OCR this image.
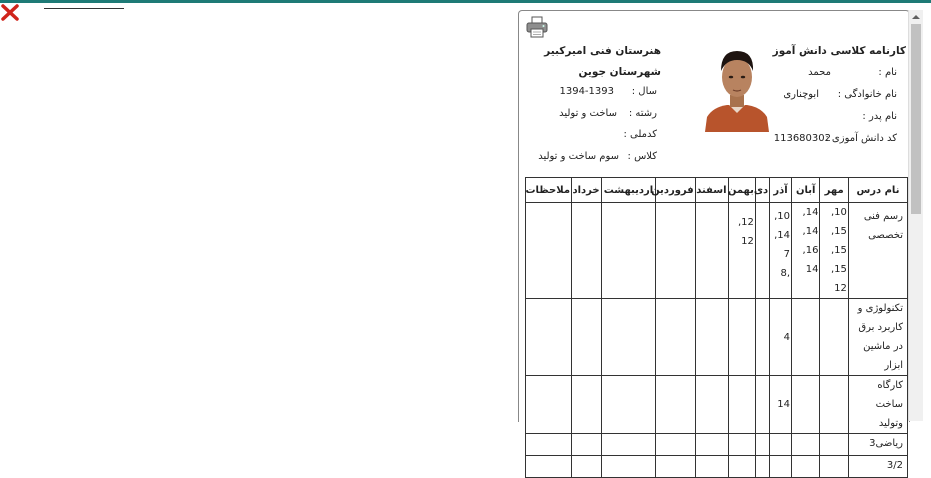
کارنامه کلاسی دانش آموز
نام :
محمد
نام خانوادگی :
ابوچناری
نام پدر :
کد دانش آموزی :
113680302
هنرستان فنی امیرکبیر
شهرستان جوین
سال :
1394-1393
رشته :
ساخت و تولید
کدملی :
کلاس :
سوم ساخت و تولید
نام درس	مهر	آبان	آذر	دی	بهمن	اسفند	فروردین	اردیبهشت	خرداد	ملاحظات
رسم فنی تخصصی	10, 15, 15, 15, 12	14, 14, 16, 14	10, 14, 7 ,8		12, 12					
تکنولوژی و کاربرد برق در ماشین ابزار			4							
کارگاه ساخت وتولید			14							
ریاضی3										
3/2										
